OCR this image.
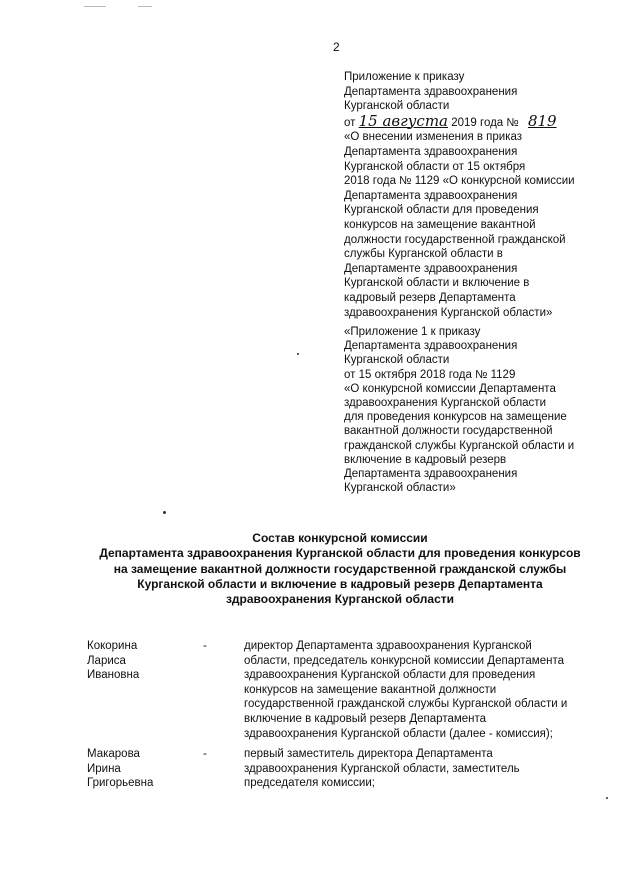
2
Приложение к приказу
Департамента здравоохранения
Курганской области
от 15 августа 2019 года № 819
«О внесении изменения в приказ
Департамента здравоохранения
Курганской области от 15 октября
2018 года № 1129 «О конкурсной комиссии
Департамента здравоохранения
Курганской области для проведения
конкурсов на замещение вакантной
должности государственной гражданской
службы Курганской области в
Департаменте здравоохранения
Курганской области и включение в
кадровый резерв Департамента
здравоохранения Курганской области»
«Приложение 1 к приказу
Департамента здравоохранения
Курганской области
от 15 октября 2018 года № 1129
«О конкурсной комиссии Департамента
здравоохранения Курганской области
для проведения конкурсов на замещение
вакантной должности государственной
гражданской службы Курганской области и
включение в кадровый резерв
Департамента здравоохранения
Курганской области»
Состав конкурсной комиссии
Департамента здравоохранения Курганской области для проведения конкурсов
на замещение вакантной должности государственной гражданской службы
Курганской области и включение в кадровый резерв Департамента
здравоохранения Курганской области
Кокорина
Лариса
Ивановна
-	директор Департамента здравоохранения Курганской
области, председатель конкурсной комиссии Департамента
здравоохранения Курганской области для проведения
конкурсов на замещение вакантной должности
государственной гражданской службы Курганской области и
включение в кадровый резерв Департамента
здравоохранения Курганской области (далее - комиссия);
Макарова
Ирина
Григорьевна
-	первый заместитель директора Департамента
здравоохранения Курганской области, заместитель
председателя комиссии;
